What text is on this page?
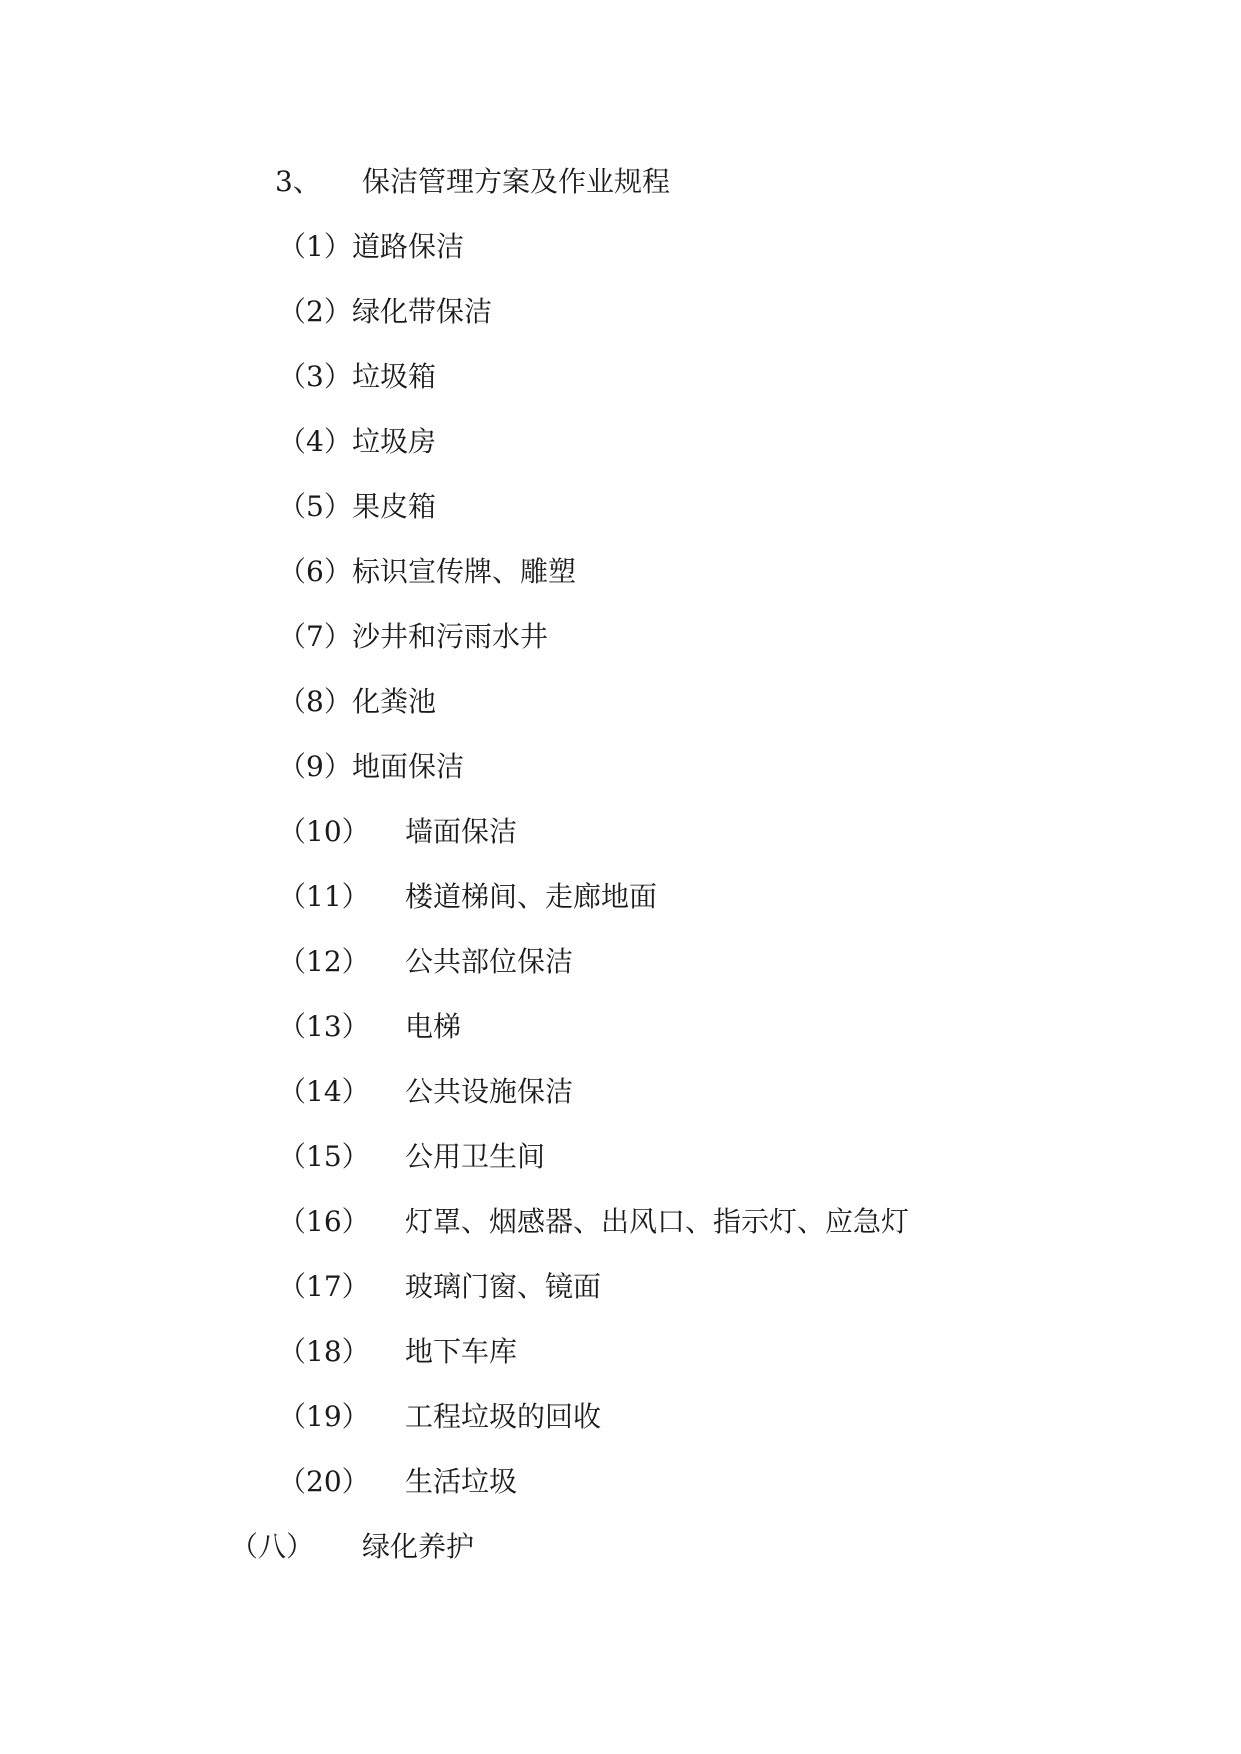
3、 保洁管理方案及作业规程
（1） 道路保洁
（2） 绿化带保洁
（3） 垃圾箱
（4） 垃圾房
（5） 果皮箱
（6） 标识宣传牌、雕塑
（7） 沙井和污雨水井
（8） 化粪池
（9） 地面保洁
（10） 墙面保洁
（11） 楼道梯间、走廊地面
（12） 公共部位保洁
（13） 电梯
（14） 公共设施保洁
（15） 公用卫生间
（16） 灯罩、烟感器、出风口、指示灯、应急灯
（17） 玻璃门窗、镜面
（18） 地下车库
（19） 工程垃圾的回收
（20） 生活垃圾
（八） 绿化养护
